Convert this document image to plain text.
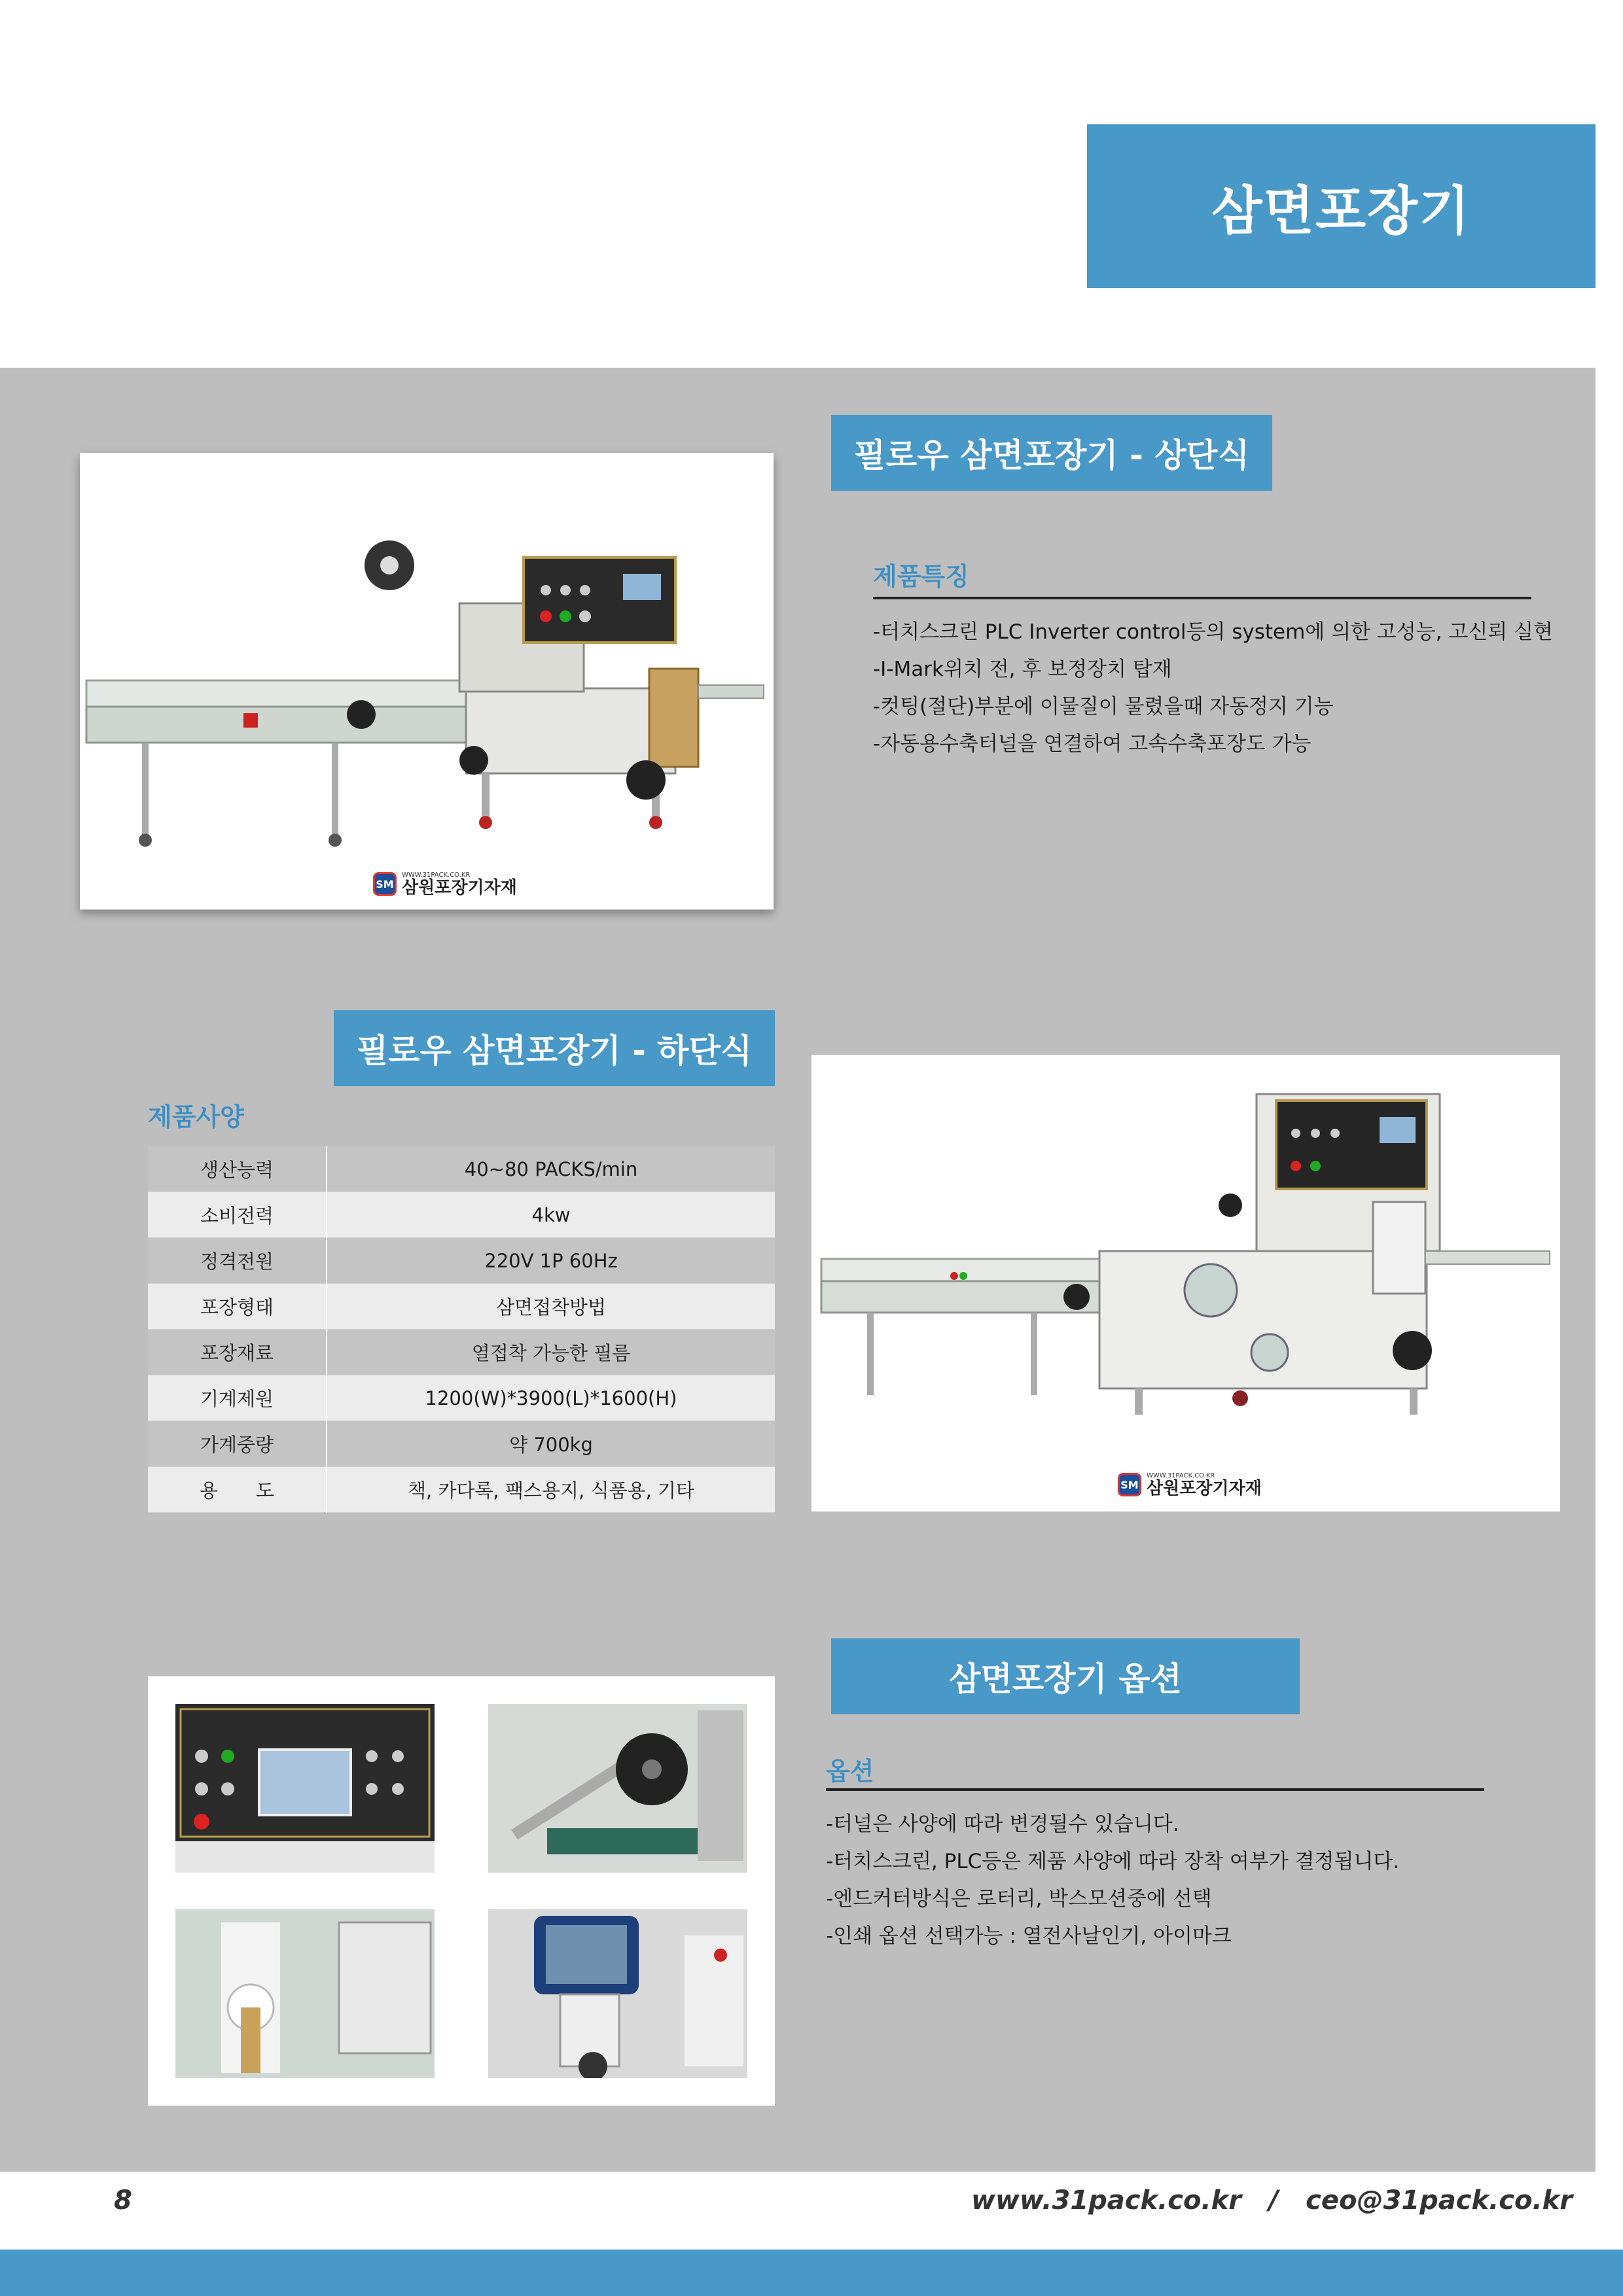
삼면포장기
SM
WWW.31PACK.CO.KR
삼원포장기자재
필로우 삼면포장기 - 상단식
제품특징
-터치스크린 PLC Inverter control등의 system에 의한 고성능, 고신뢰 실현
-I-Mark위치 전, 후 보정장치 탑재
-컷팅(절단)부분에 이물질이 물렸을때 자동정지 기능
-자동용수축터널을 연결하여 고속수축포장도 가능
필로우 삼면포장기 - 하단식
제품사양
생산능력	40~80 PACKS/min
소비전력	4kw
정격전원	220V 1P 60Hz
포장형태	삼면접착방법
포장재료	열접착 가능한 필름
기계제원	1200(W)*3900(L)*1600(H)
가계중량	약 700kg
용　　도	책, 카다록, 팩스용지, 식품용, 기타	SM
WWW.31PACK.CO.KR
삼원포장기자재
삼면포장기 옵션
옵션
-터널은 사양에 따라 변경될수 있습니다.
-터치스크린, PLC등은 제품 사양에 따라 장착 여부가 결정됩니다.
-엔드커터방식은 로터리, 박스모션중에 선택
-인쇄 옵션 선택가능 : 열전사날인기, 아이마크
8	www.31pack.co.kr   /   ceo@31pack.co.kr
